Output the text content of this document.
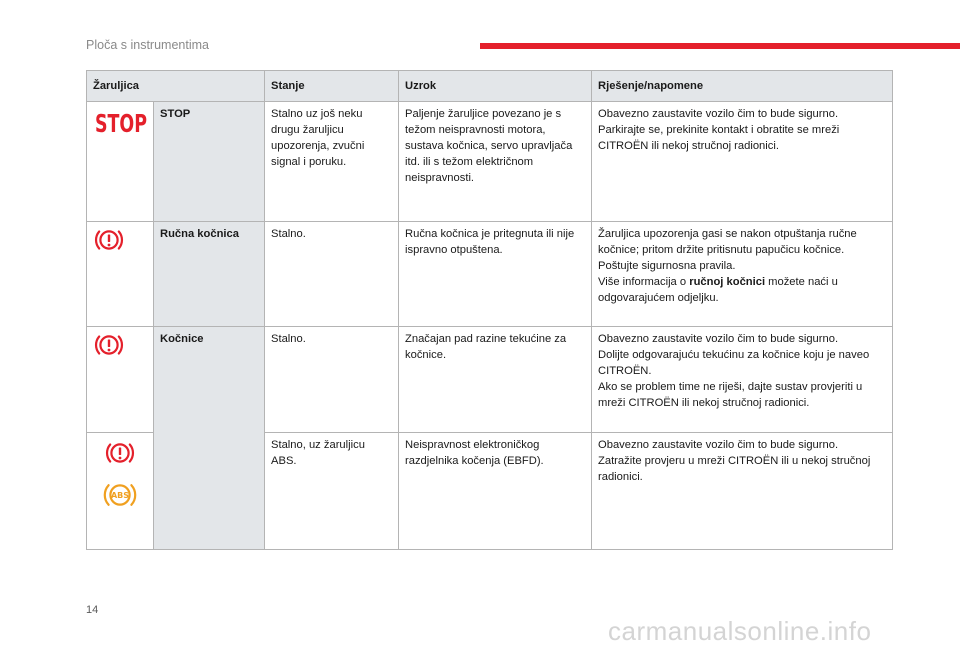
Ploča s instrumentima
Žaruljica		Stanje	Uzrok	Rješenje/napomene

STOP	STOP	Stalno uz još neku drugu žaruljicu upozorenja, zvučni signal i poruku.	Paljenje žaruljice povezano je s težom neispravnosti motora, sustava kočnica, servo upravljača itd. ili s težom električnom neispravnosti.	Obavezno zaustavite vozilo čim to bude sigurno. Parkirajte se, prekinite kontakt i obratite se mreži CITROËN ili nekoj stručnoj radionici.
	Ručna kočnica	Stalno.	Ručna kočnica je pritegnuta ili nije ispravno otpuštena.	Žaruljica upozorenja gasi se nakon otpuštanja ručne kočnice; pritom držite pritisnutu papučicu kočnice.
Poštujte sigurnosna pravila.
Više informacija o ručnoj kočnici možete naći u odgovarajućem odjeljku.

	Kočnice	Stalno.	Značajan pad razine tekućine za kočnice.	Obavezno zaustavite vozilo čim to bude sigurno.
Dolijte odgovarajuću tekućinu za kočnice koju je naveo CITROËN.
Ako se problem time ne riješi, dajte sustav provjeriti u mreži CITROËN ili nekoj stručnoj radionici.

ABS		Stalno, uz žaruljicu ABS.	Neispravnost elektroničkog razdjelnika kočenja (EBFD).	Obavezno zaustavite vozilo čim to bude sigurno.
Zatražite provjeru u mreži CITROËN ili u nekoj stručnoj radionici.
14
carmanualsonline.info
